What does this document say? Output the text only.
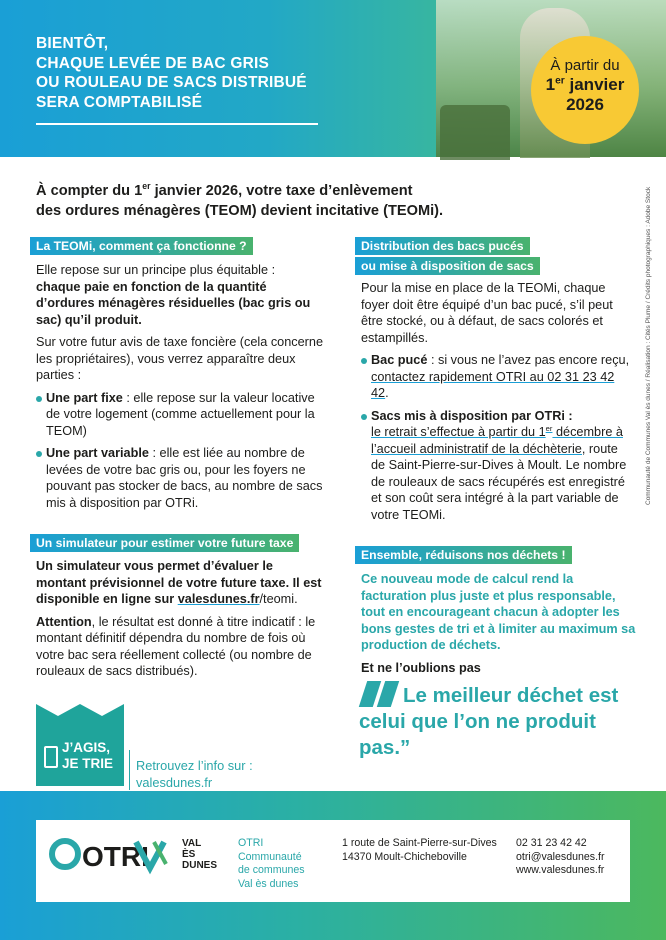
BIENTÔT,
CHAQUE LEVÉE DE BAC GRIS
OU ROULEAU DE SACS DISTRIBUÉ
SERA COMPTABILISÉ
À partir du
1er janvier
2026
À compter du 1er janvier 2026, votre taxe d’enlèvement
des ordures ménagères (TEOM) devient incitative (TEOMi).
La TEOMi, comment ça fonctionne ?

Elle repose sur un principe plus équitable :
chaque paie en fonction de la quantité d’ordures ménagères résiduelles (bac gris ou sac) qu’il produit.

Sur votre futur avis de taxe foncière (cela concerne les propriétaires), vous verrez apparaître deux parties :

Une part fixe : elle repose sur la valeur locative de votre logement (comme actuellement pour la TEOM)
Une part variable : elle est liée au nombre de levées de votre bac gris ou, pour les foyers ne pouvant pas stocker de bacs, au nombre de sacs mis à disposition par OTRi.
Un simulateur pour estimer votre future taxe

Un simulateur vous permet d’évaluer le montant prévisionnel de votre future taxe. Il est disponible en ligne sur valesdunes.fr/teomi.

Attention, le résultat est donné à titre indicatif : le montant définitif dépendra du nombre de fois où votre bac sera réellement collecté (ou nombre de rouleaux de sacs distribués).

Distribution des bacs pucés
ou mise à disposition de sacs

Pour la mise en place de la TEOMi, chaque foyer doit être équipé d’un bac pucé, s’il peut être stocké, ou à défaut, de sacs colorés et estampillés.

Bac pucé : si vous ne l’avez pas encore reçu, contactez rapidement OTRI au 02 31 23 42 42.
Sacs mis à disposition par OTRi :
le retrait s’effectue à partir du 1er décembre à l’accueil administratif de la déchèterie, route de Saint-Pierre-sur-Dives à Moult. Le nombre de rouleaux de sacs récupérés est enregistré et son coût sera intégré à la part variable de votre TEOMi.
Ensemble, réduisons nos déchets !

Ce nouveau mode de calcul rend la facturation plus juste et plus responsable, tout en encourageant chacun à adopter les bons gestes de tri et à limiter au maximum sa production de déchets.

Et ne l’oublions pas

Le meilleur déchet est celui que l’on ne produit pas.”
J’AGIS,
JE TRIE Retrouvez l’info sur :
valesdunes.fr
OTRI	VAL
ÈS
DUNES
OTRI
Communauté
de communes
Val ès dunes
1 route de Saint-Pierre-sur-Dives
14370 Moult-Chicheboville
02 31 23 42 42
otri@valesdunes.fr
www.valesdunes.fr
Communauté de Communes Val ès dunes / Réalisation : Cités Plume / Crédits photographiques : Adobe Stock
